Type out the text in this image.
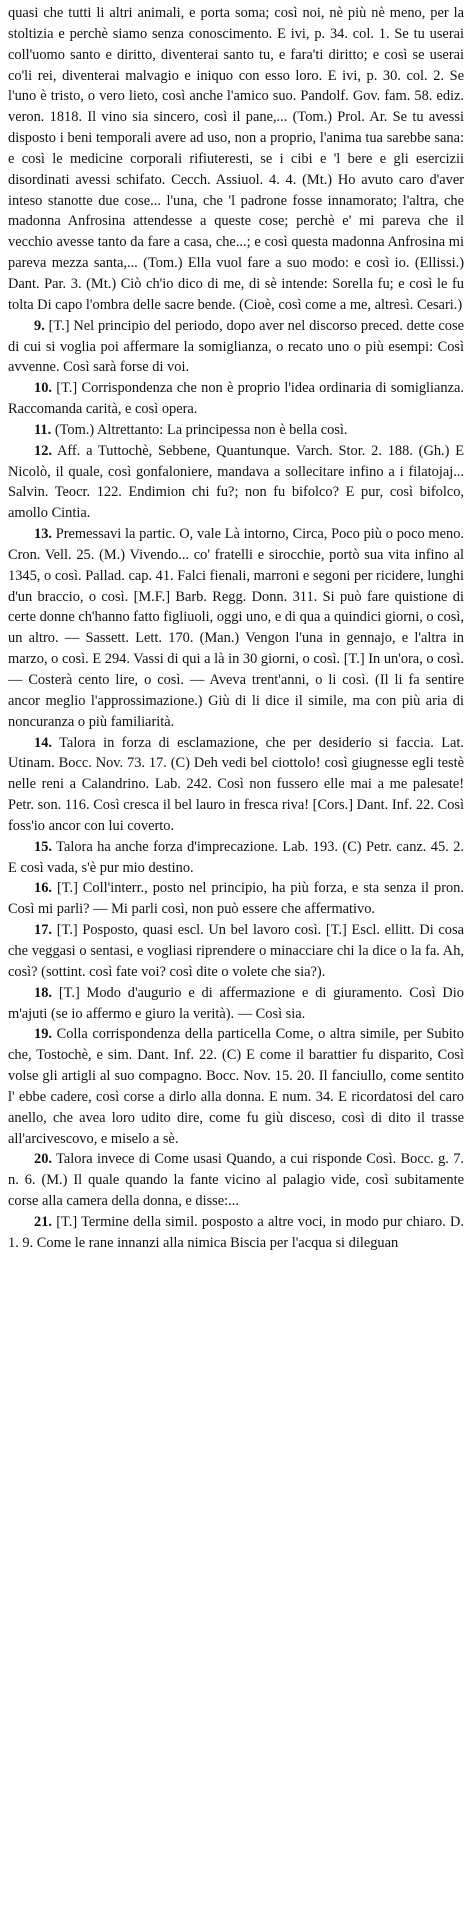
quasi che tutti li altri animali, e porta soma; così noi, nè più nè meno, per la stoltizia e perchè siamo senza conoscimento. E ivi, p. 34. col. 1. Se tu userai coll'uomo santo e diritto, diventerai santo tu, e fara'ti diritto; e così se userai co'li rei, diventerai malvagio e iniquo con esso loro. E ivi, p. 30. col. 2. Se l'uno è tristo, o vero lieto, così anche l'amico suo. Pandolf. Gov. fam. 58. ediz. veron. 1818. Il vino sia sincero, così il pane,... (Tom.) Prol. Ar. Se tu avessi disposto i beni temporali avere ad uso, non a proprio, l'anima tua sarebbe sana: e così le medicine corporali rifiuteresti, se i cibi e 'l bere e gli esercizii disordinati avessi schifato. Cecch. Assiuol. 4. 4. (Mt.) Ho avuto caro d'aver inteso stanotte due cose... l'una, che 'l padrone fosse innamorato; l'altra, che madonna Anfrosina attendesse a queste cose; perchè e' mi pareva che il vecchio avesse tanto da fare a casa, che...; e così questa madonna Anfrosina mi pareva mezza santa,... (Tom.) Ella vuol fare a suo modo: e così io. (Ellissi.) Dant. Par. 3. (Mt.) Ciò ch'io dico di me, di sè intende: Sorella fu; e così le fu tolta Di capo l'ombra delle sacre bende. (Cioè, così come a me, altresì. Cesari.)

9. [T.] Nel principio del periodo, dopo aver nel discorso preced. dette cose di cui si voglia poi affermare la somiglianza, o recato uno o più esempi: Così avvenne. Così sarà forse di voi.

10. [T.] Corrispondenza che non è proprio l'idea ordinaria di somiglianza. Raccomanda carità, e così opera.

11. (Tom.) Altrettanto: La principessa non è bella così.

12. Aff. a Tuttochè, Sebbene, Quantunque. Varch. Stor. 2. 188. (Gh.) E Nicolò, il quale, così gonfaloniere, mandava a sollecitare infino a i filatojaj... Salvin. Teocr. 122. Endimion chi fu?; non fu bifolco? E pur, così bifolco, amollo Cintia.

13. Premessavi la partic. O, vale Là intorno, Circa, Poco più o poco meno. Cron. Vell. 25. (M.) Vivendo... co' fratelli e sirocchie, portò sua vita infino al 1345, o così. Pallad. cap. 41. Falci fienali, marroni e segoni per ricidere, lunghi d'un braccio, o così. [M.F.] Barb. Regg. Donn. 311. Si può fare quistione di certe donne ch'hanno fatto figliuoli, oggi uno, e di qua a quindici giorni, o così, un altro. — Sassett. Lett. 170. (Man.) Vengon l'una in gennajo, e l'altra in marzo, o così. E 294. Vassi di qui a là in 30 giorni, o così. [T.] In un'ora, o così. — Costerà cento lire, o così. — Aveva trent'anni, o li così. (Il li fa sentire ancor meglio l'approssimazione.) Giù di li dice il simile, ma con più aria di noncuranza o più familiarità.

14. Talora in forza di esclamazione, che per desiderio si faccia. Lat. Utinam. Bocc. Nov. 73. 17. (C) Deh vedi bel ciottolo! così giugnesse egli testè nelle reni a Calandrino. Lab. 242. Così non fussero elle mai a me palesate! Petr. son. 116. Così cresca il bel lauro in fresca riva! [Cors.] Dant. Inf. 22. Così foss'io ancor con lui coverto.

15. Talora ha anche forza d'imprecazione. Lab. 193. (C) Petr. canz. 45. 2. E così vada, s'è pur mio destino.

16. [T.] Coll'interr., posto nel principio, ha più forza, e sta senza il pron. Così mi parli? — Mi parli così, non può essere che affermativo.

17. [T.] Posposto, quasi escl. Un bel lavoro così. [T.] Escl. ellitt. Di cosa che veggasi o sentasi, e vogliasi riprendere o minacciare chi la dice o la fa. Ah, così? (sottint. così fate voi? così dite o volete che sia?).

18. [T.] Modo d'augurio e di affermazione e di giuramento. Così Dio m'ajuti (se io affermo e giuro la verità). — Così sia.

19. Colla corrispondenza della particella Come, o altra simile, per Subito che, Tostochè, e sim. Dant. Inf. 22. (C) E come il barattier fu disparito, Così volse gli artigli al suo compagno. Bocc. Nov. 15. 20. Il fanciullo, come sentito l' ebbe cadere, così corse a dirlo alla donna. E num. 34. E ricordatosi del caro anello, che avea loro udito dire, come fu giù disceso, così di dito il trasse all'arcivescovo, e miselo a sè.

20. Talora invece di Come usasi Quando, a cui risponde Così. Bocc. g. 7. n. 6. (M.) Il quale quando la fante vicino al palagio vide, così subitamente corse alla camera della donna, e disse:...

21. [T.] Termine della simil. posposto a altre voci, in modo pur chiaro. D. 1. 9. Come le rane innanzi alla nimica Biscia per l'acqua si dileguan
